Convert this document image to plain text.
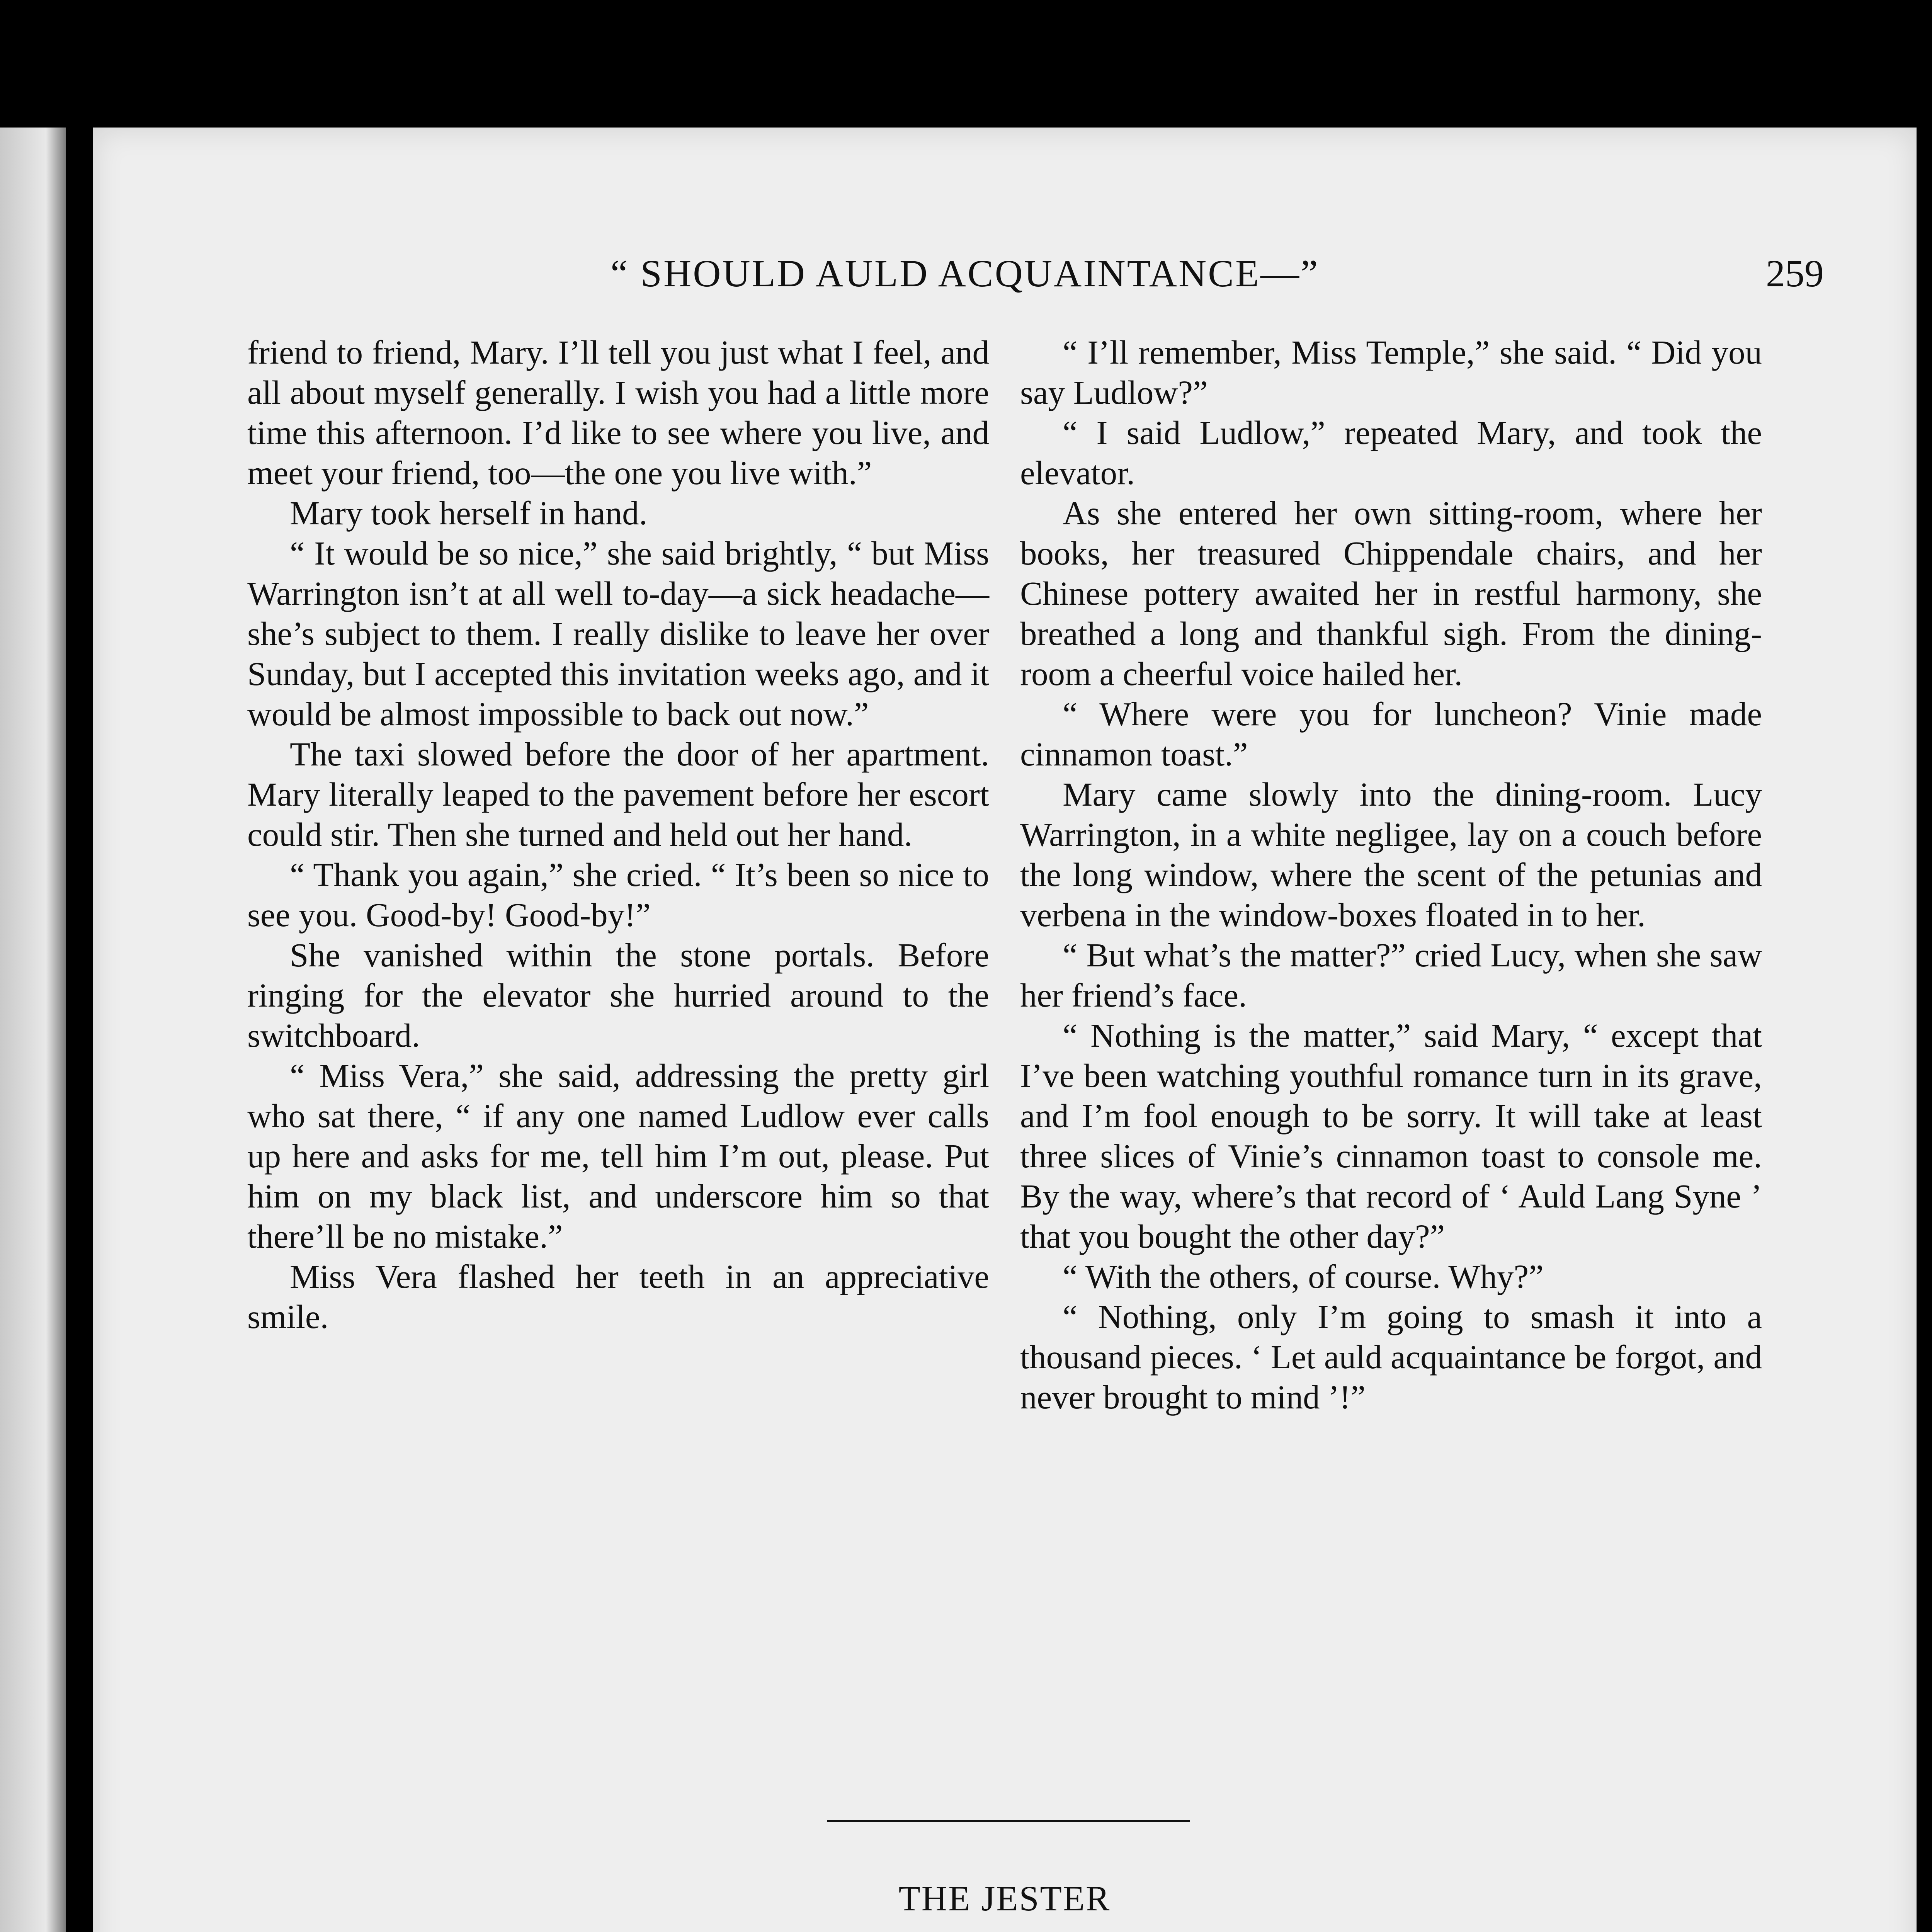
“ SHOULD AULD ACQUAINTANCE—”	259

friend to friend, Mary. I’ll tell you just what I feel, and all about myself generally. I wish you had a little more time this afternoon. I’d like to see where you live, and meet your friend, too—the one you live with.”

Mary took herself in hand.

“ It would be so nice,” she said brightly, “ but Miss Warrington isn’t at all well to-day—a sick headache—she’s subject to them. I really dislike to leave her over Sunday, but I accepted this invitation weeks ago, and it would be almost impossible to back out now.”

The taxi slowed before the door of her apartment. Mary literally leaped to the pavement before her escort could stir. Then she turned and held out her hand.

“ Thank you again,” she cried. “ It’s been so nice to see you. Good-by! Good-by!”

She vanished within the stone portals. Before ringing for the elevator she hurried around to the switchboard.

“ Miss Vera,” she said, addressing the pretty girl who sat there, “ if any one named Ludlow ever calls up here and asks for me, tell him I’m out, please. Put him on my black list, and underscore him so that there’ll be no mistake.”

Miss Vera flashed her teeth in an appreciative smile.

“ I’ll remember, Miss Temple,” she said. “ Did you say Ludlow?”

“ I said Ludlow,” repeated Mary, and took the elevator.

As she entered her own sitting-room, where her books, her treasured Chippendale chairs, and her Chinese pottery awaited her in restful harmony, she breathed a long and thankful sigh. From the dining-room a cheerful voice hailed her.

“ Where were you for luncheon? Vinie made cinnamon toast.”

Mary came slowly into the dining-room. Lucy Warrington, in a white negligee, lay on a couch before the long window, where the scent of the petunias and verbena in the window-boxes floated in to her.

“ But what’s the matter?” cried Lucy, when she saw her friend’s face.

“ Nothing is the matter,” said Mary, “ except that I’ve been watching youthful romance turn in its grave, and I’m fool enough to be sorry. It will take at least three slices of Vinie’s cinnamon toast to console me. By the way, where’s that record of ‘ Auld Lang Syne ’ that you bought the other day?”

“ With the others, of course. Why?”

“ Nothing, only I’m going to smash it into a thousand pieces. ‘ Let auld acquaintance be forgot, and never brought to mind ’!”

THE JESTER
